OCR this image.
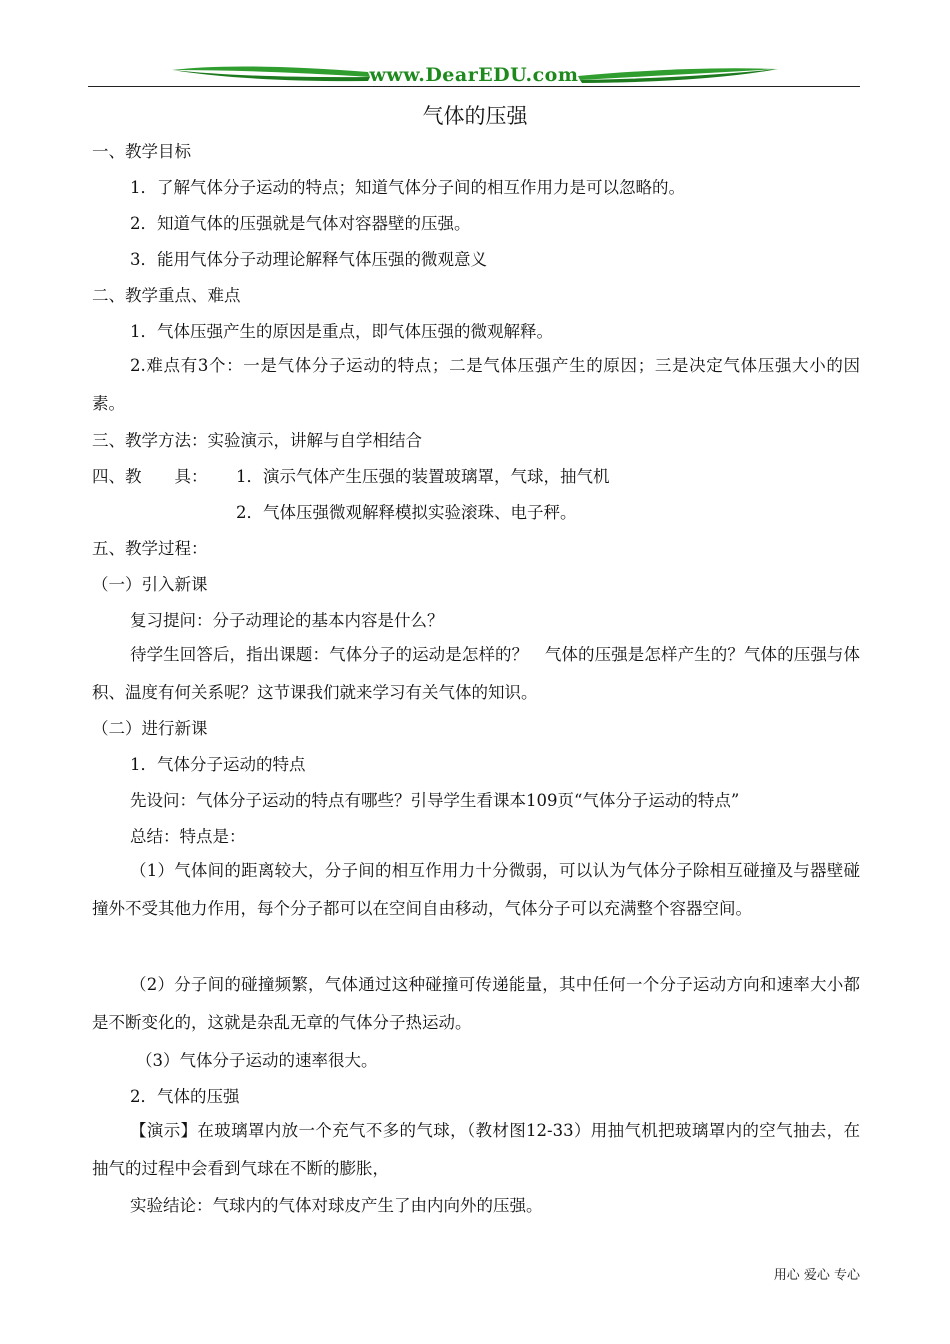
www.DearEDU.com
气体的压强
一、教学目标
1．了解气体分子运动的特点；知道气体分子间的相互作用力是可以忽略的。
2．知道气体的压强就是气体对容器壁的压强。
3．能用气体分子动理论解释气体压强的微观意义
二、教学重点、难点
1．气体压强产生的原因是重点，即气体压强的微观解释。
2.难点有3个：一是气体分子运动的特点；二是气体压强产生的原因；三是决定气体压强大小的因素。
三、教学方法：实验演示，讲解与自学相结合
四、教　　具： 1．演示气体产生压强的装置玻璃罩，气球，抽气机
2．气体压强微观解释模拟实验滚珠、电子秤。
五、教学过程：
（一）引入新课
复习提问：分子动理论的基本内容是什么？
待学生回答后，指出课题：气体分子的运动是怎样的？　气体的压强是怎样产生的？气体的压强与体积、温度有何关系呢？这节课我们就来学习有关气体的知识。
（二）进行新课
1．气体分子运动的特点
先设问：气体分子运动的特点有哪些？引导学生看课本109页“气体分子运动的特点”
总结：特点是：
（1）气体间的距离较大，分子间的相互作用力十分微弱，可以认为气体分子除相互碰撞及与器壁碰撞外不受其他力作用，每个分子都可以在空间自由移动，气体分子可以充满整个容器空间。
（2）分子间的碰撞频繁，气体通过这种碰撞可传递能量，其中任何一个分子运动方向和速率大小都是不断变化的，这就是杂乱无章的气体分子热运动。
（3）气体分子运动的速率很大。
2．气体的压强
【演示】在玻璃罩内放一个充气不多的气球，（教材图12-33）用抽气机把玻璃罩内的空气抽去，在抽气的过程中会看到气球在不断的膨胀，
实验结论：气球内的气体对球皮产生了由内向外的压强。
用心 爱心 专心
